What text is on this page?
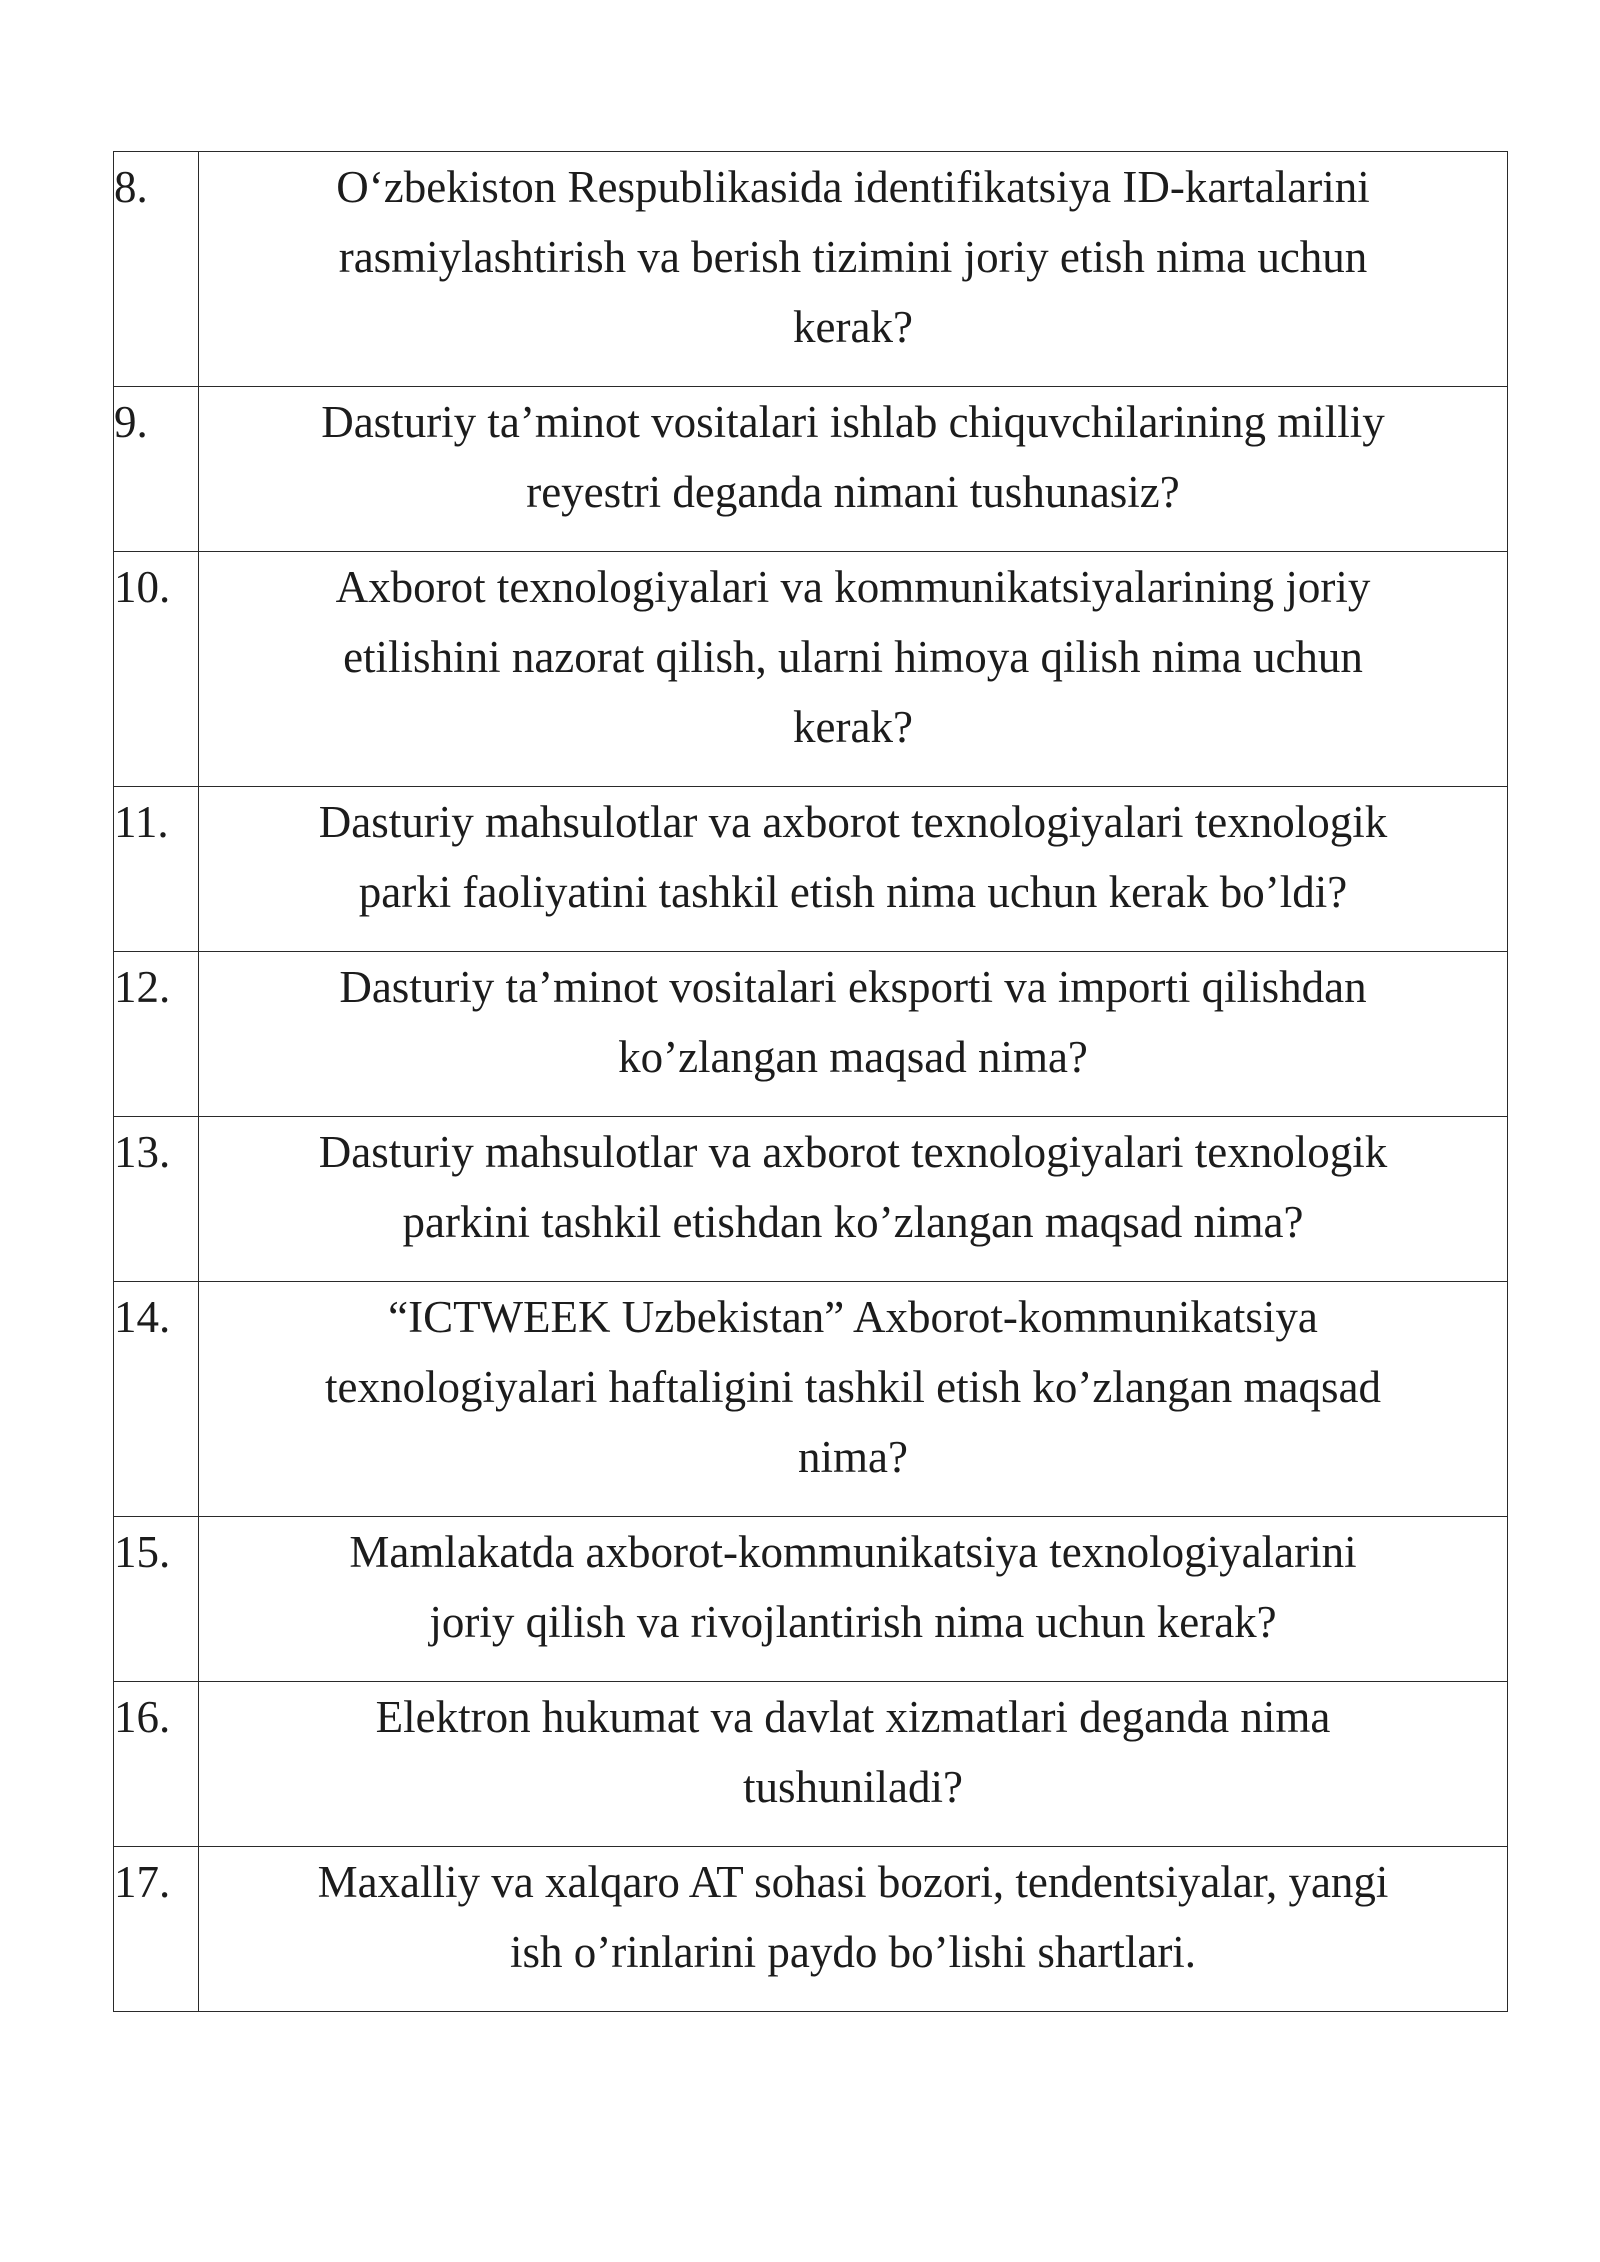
8.	O‘zbekiston Respublikasida identifikatsiya ID-kartalarini
rasmiylashtirish va berish tizimini joriy etish nima uchun
kerak?

9.	Dasturiy ta’minot vositalari ishlab chiquvchilarining milliy
reyestri deganda nimani tushunasiz?

10.	Axborot texnologiyalari va kommunikatsiyalarining joriy
etilishini nazorat qilish, ularni himoya qilish nima uchun
kerak?

11.	Dasturiy mahsulotlar va axborot texnologiyalari texnologik
parki faoliyatini tashkil etish nima uchun kerak bo’ldi?

12.	Dasturiy ta’minot vositalari eksporti va importi qilishdan
ko’zlangan maqsad nima?

13.	Dasturiy mahsulotlar va axborot texnologiyalari texnologik
parkini tashkil etishdan ko’zlangan maqsad nima?

14.	“ICTWEEK Uzbekistan” Axborot-kommunikatsiya
texnologiyalari haftaligini tashkil etish ko’zlangan maqsad
nima?

15.	Mamlakatda axborot-kommunikatsiya texnologiyalarini
joriy qilish va rivojlantirish nima uchun kerak?

16.	Elektron hukumat va davlat xizmatlari deganda nima
tushuniladi?

17.	Maxalliy va xalqaro AT sohasi bozori, tendentsiyalar, yangi
ish o’rinlarini paydo bo’lishi shartlari.
